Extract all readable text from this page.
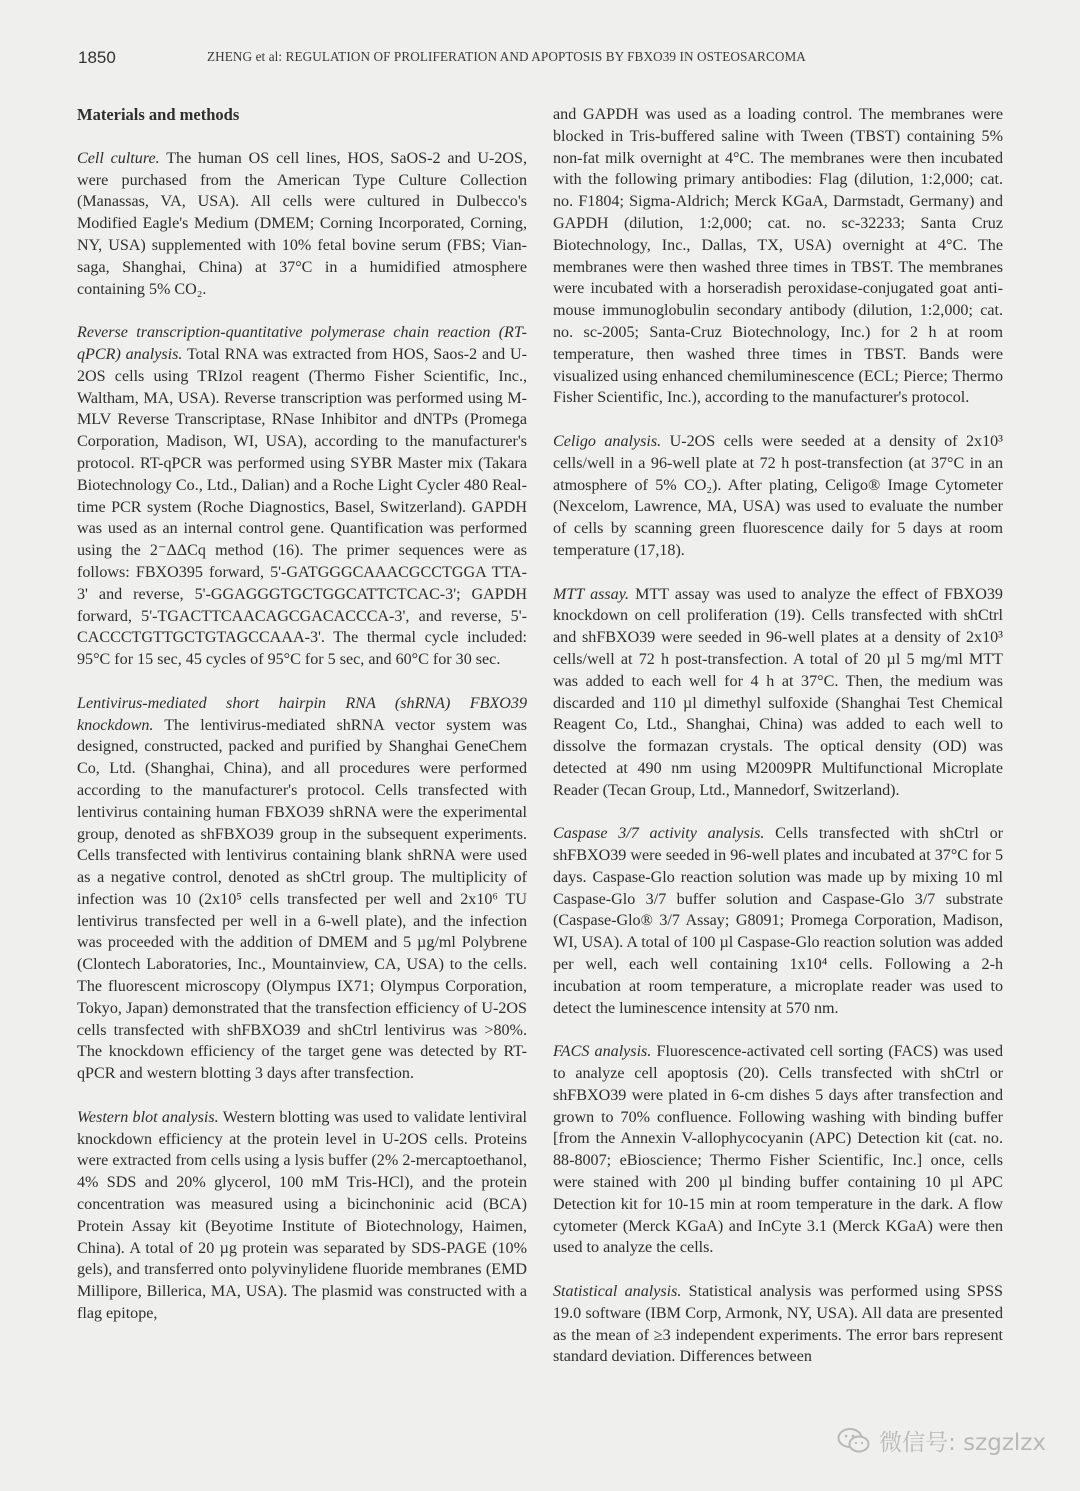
1850	ZHENG et al: REGULATION OF PROLIFERATION AND APOPTOSIS BY FBXO39 IN OSTEOSARCOMA
Materials and methods

Cell culture. The human OS cell lines, HOS, SaOS-2 and U-2OS, were purchased from the American Type Culture Collection (Manassas, VA, USA). All cells were cultured in Dulbecco's Modified Eagle's Medium (DMEM; Corning Incorporated, Corning, NY, USA) supplemented with 10% fetal bovine serum (FBS; Vian-saga, Shanghai, China) at 37°C in a humidified atmosphere containing 5% CO₂.

Reverse transcription-quantitative polymerase chain reaction (RT-qPCR) analysis. Total RNA was extracted from HOS, Saos-2 and U-2OS cells using TRIzol reagent (Thermo Fisher Scientific, Inc., Waltham, MA, USA). Reverse transcription was performed using M-MLV Reverse Transcriptase, RNase Inhibitor and dNTPs (Promega Corporation, Madison, WI, USA), according to the manufacturer's protocol. RT-qPCR was performed using SYBR Master mix (Takara Biotechnology Co., Ltd., Dalian) and a Roche Light Cycler 480 Real-time PCR system (Roche Diagnostics, Basel, Switzerland). GAPDH was used as an internal control gene. Quantification was performed using the 2⁻ΔΔCq method (16). The primer sequences were as follows: FBXO395 forward, 5'-GATGGGCAAACGCCTGGA TTA-3' and reverse, 5'-GGAGGGTGCTGGCATTCTCAC-3'; GAPDH forward, 5'-TGACTTCAACAGCGACACCCA-3', and reverse, 5'-CACCCTGTTGCTGTAGCCAAA-3'. The thermal cycle included: 95°C for 15 sec, 45 cycles of 95°C for 5 sec, and 60°C for 30 sec.

Lentivirus-mediated short hairpin RNA (shRNA) FBXO39 knockdown. The lentivirus-mediated shRNA vector system was designed, constructed, packed and purified by Shanghai GeneChem Co, Ltd. (Shanghai, China), and all procedures were performed according to the manufacturer's protocol. Cells transfected with lentivirus containing human FBXO39 shRNA were the experimental group, denoted as shFBXO39 group in the subsequent experiments. Cells transfected with lentivirus containing blank shRNA were used as a negative control, denoted as shCtrl group. The multiplicity of infection was 10 (2x10⁵ cells transfected per well and 2x10⁶ TU lentivirus transfected per well in a 6-well plate), and the infection was proceeded with the addition of DMEM and 5 µg/ml Polybrene (Clontech Laboratories, Inc., Mountainview, CA, USA) to the cells. The fluorescent microscopy (Olympus IX71; Olympus Corporation, Tokyo, Japan) demonstrated that the transfection efficiency of U-2OS cells transfected with shFBXO39 and shCtrl lentivirus was >80%. The knockdown efficiency of the target gene was detected by RT-qPCR and western blotting 3 days after transfection.

Western blot analysis. Western blotting was used to validate lentiviral knockdown efficiency at the protein level in U-2OS cells. Proteins were extracted from cells using a lysis buffer (2% 2-mercaptoethanol, 4% SDS and 20% glycerol, 100 mM Tris-HCl), and the protein concentration was measured using a bicinchoninic acid (BCA) Protein Assay kit (Beyotime Institute of Biotechnology, Haimen, China). A total of 20 µg protein was separated by SDS-PAGE (10% gels), and transferred onto polyvinylidene fluoride membranes (EMD Millipore, Billerica, MA, USA). The plasmid was constructed with a flag epitope,

and GAPDH was used as a loading control. The membranes were blocked in Tris-buffered saline with Tween (TBST) containing 5% non-fat milk overnight at 4°C. The membranes were then incubated with the following primary antibodies: Flag (dilution, 1:2,000; cat. no. F1804; Sigma-Aldrich; Merck KGaA, Darmstadt, Germany) and GAPDH (dilution, 1:2,000; cat. no. sc-32233; Santa Cruz Biotechnology, Inc., Dallas, TX, USA) overnight at 4°C. The membranes were then washed three times in TBST. The membranes were incubated with a horseradish peroxidase-conjugated goat anti-mouse immunoglobulin secondary antibody (dilution, 1:2,000; cat. no. sc-2005; Santa-Cruz Biotechnology, Inc.) for 2 h at room temperature, then washed three times in TBST. Bands were visualized using enhanced chemiluminescence (ECL; Pierce; Thermo Fisher Scientific, Inc.), according to the manufacturer's protocol.

Celigo analysis. U-2OS cells were seeded at a density of 2x10³ cells/well in a 96-well plate at 72 h post-transfection (at 37°C in an atmosphere of 5% CO₂). After plating, Celigo® Image Cytometer (Nexcelom, Lawrence, MA, USA) was used to evaluate the number of cells by scanning green fluorescence daily for 5 days at room temperature (17,18).

MTT assay. MTT assay was used to analyze the effect of FBXO39 knockdown on cell proliferation (19). Cells transfected with shCtrl and shFBXO39 were seeded in 96-well plates at a density of 2x10³ cells/well at 72 h post-transfection. A total of 20 µl 5 mg/ml MTT was added to each well for 4 h at 37°C. Then, the medium was discarded and 110 µl dimethyl sulfoxide (Shanghai Test Chemical Reagent Co, Ltd., Shanghai, China) was added to each well to dissolve the formazan crystals. The optical density (OD) was detected at 490 nm using M2009PR Multifunctional Microplate Reader (Tecan Group, Ltd., Mannedorf, Switzerland).

Caspase 3/7 activity analysis. Cells transfected with shCtrl or shFBXO39 were seeded in 96-well plates and incubated at 37°C for 5 days. Caspase-Glo reaction solution was made up by mixing 10 ml Caspase-Glo 3/7 buffer solution and Caspase-Glo 3/7 substrate (Caspase-Glo® 3/7 Assay; G8091; Promega Corporation, Madison, WI, USA). A total of 100 µl Caspase-Glo reaction solution was added per well, each well containing 1x10⁴ cells. Following a 2-h incubation at room temperature, a microplate reader was used to detect the luminescence intensity at 570 nm.

FACS analysis. Fluorescence-activated cell sorting (FACS) was used to analyze cell apoptosis (20). Cells transfected with shCtrl or shFBXO39 were plated in 6-cm dishes 5 days after transfection and grown to 70% confluence. Following washing with binding buffer [from the Annexin V-allophycocyanin (APC) Detection kit (cat. no. 88-8007; eBioscience; Thermo Fisher Scientific, Inc.] once, cells were stained with 200 µl binding buffer containing 10 µl APC Detection kit for 10-15 min at room temperature in the dark. A flow cytometer (Merck KGaA) and InCyte 3.1 (Merck KGaA) were then used to analyze the cells.

Statistical analysis. Statistical analysis was performed using SPSS 19.0 software (IBM Corp, Armonk, NY, USA). All data are presented as the mean of ≥3 independent experiments. The error bars represent standard deviation. Differences between

微信号: szgzlzx
